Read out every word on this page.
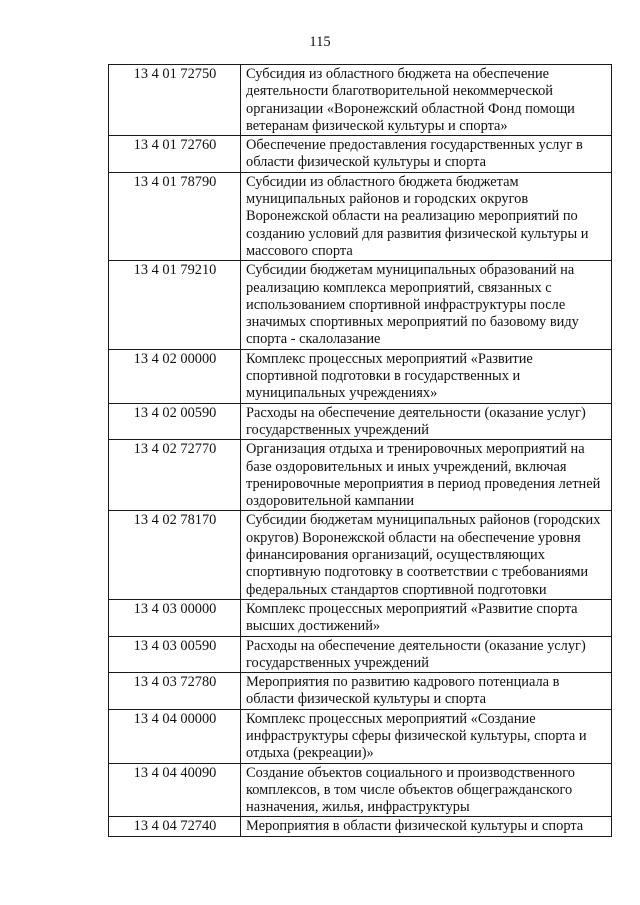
115
13 4 01 72750	Субсидия из областного бюджета на обеспечение деятельности благотворительной некоммерческой организации «Воронежский областной Фонд помощи ветеранам физической культуры и спорта»
13 4 01 72760	Обеспечение предоставления государственных услуг в области физической культуры и спорта
13 4 01 78790	Субсидии из областного бюджета бюджетам муниципальных районов и городских округов Воронежской области на реализацию мероприятий по созданию условий для развития физической культуры и массового спорта
13 4 01 79210	Субсидии бюджетам муниципальных образований на реализацию комплекса мероприятий, связанных с использованием спортивной инфраструктуры после значимых спортивных мероприятий по базовому виду спорта - скалолазание
13 4 02 00000	Комплекс процессных мероприятий «Развитие спортивной подготовки в государственных и муниципальных учреждениях»
13 4 02 00590	Расходы на обеспечение деятельности (оказание услуг) государственных учреждений
13 4 02 72770	Организация отдыха и тренировочных мероприятий на базе оздоровительных и иных учреждений, включая тренировочные мероприятия в период проведения летней оздоровительной кампании
13 4 02 78170	Субсидии бюджетам муниципальных районов (городских округов) Воронежской области на обеспечение уровня финансирования организаций, осуществляющих спортивную подготовку в соответствии с требованиями федеральных стандартов спортивной подготовки
13 4 03 00000	Комплекс процессных мероприятий «Развитие спорта высших достижений»
13 4 03 00590	Расходы на обеспечение деятельности (оказание услуг) государственных учреждений
13 4 03 72780	Мероприятия по развитию кадрового потенциала в области физической культуры и спорта
13 4 04 00000	Комплекс процессных мероприятий «Создание инфраструктуры сферы физической культуры, спорта и отдыха (рекреации)»
13 4 04 40090	Создание объектов социального и производственного комплексов, в том числе объектов общегражданского назначения, жилья, инфраструктуры
13 4 04 72740	Мероприятия в области физической культуры и спорта
